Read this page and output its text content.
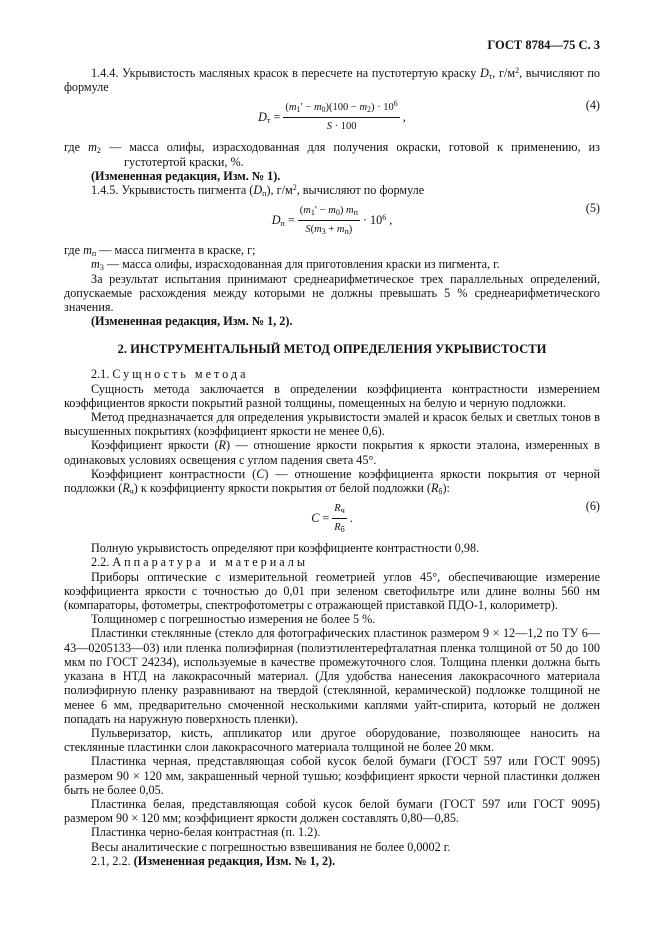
ГОСТ 8784—75 С. 3

1.4.4. Укрывистость масляных красок в пересчете на пустотертую краску $D_т$, $г/м^2$, вычисляют по формуле

$D_т = \frac{(m_1' - m_0)(100 - m_2) \cdot 10^6}{S \cdot 100}$ ,
(4)

где $m_2$ — масса олифы, израсходованная для получения окраски, готовой к применению, из густотертой краски, %.

(Измененная редакция, Изм. № 1).

1.4.5. Укрывистость пигмента $(D_п)$, $г/м^2$, вычисляют по формуле

$D_п = \frac{(m_1' - m_0) m_п}{S(m_3 + m_п)} \cdot 10^6$ ,
(5)

где $m_п$ — масса пигмента в краске, г;

$m_3$ — масса олифы, израсходованная для приготовления краски из пигмента, г.

За результат испытания принимают среднеарифметическое трех параллельных определений, допускаемые расхождения между которыми не должны превышать 5 % среднеарифметического значения.

(Измененная редакция, Изм. № 1, 2).

2. ИНСТРУМЕНТАЛЬНЫЙ МЕТОД ОПРЕДЕЛЕНИЯ УКРЫВИСТОСТИ

2.1. Сущность метода

Сущность метода заключается в определении коэффициента контрастности измерением коэффициентов яркости покрытий разной толщины, помещенных на белую и черную подложки.

Метод предназначается для определения укрывистости эмалей и красок белых и светлых тонов в высушенных покрытиях (коэффициент яркости не менее 0,6).

Коэффициент яркости (R) — отношение яркости покрытия к яркости эталона, измеренных в одинаковых условиях освещения с углом падения света 45°.

Коэффициент контрастности (C) — отношение коэффициента яркости покрытия от черной подложки $(R_ч)$ к коэффициенту яркости покрытия от белой подложки $(R_б)$:

$C = \frac{R_ч}{R_б}$ .
(6)

Полную укрывистость определяют при коэффициенте контрастности 0,98.

2.2. Аппаратура и материалы

Приборы оптические с измерительной геометрией углов 45°, обеспечивающие измерение коэффициента яркости с точностью до 0,01 при зеленом светофильтре или длине волны 560 нм (компараторы, фотометры, спектрофотометры с отражающей приставкой ПДО-1, колориметр).

Толщиномер с погрешностью измерения не более 5 %.

Пластинки стеклянные (стекло для фотографических пластинок размером 9 × 12—1,2 по ТУ 6—43—0205133—03) или пленка полиэфирная (полиэтилентерефталатная пленка толщиной от 50 до 100 мкм по ГОСТ 24234), используемые в качестве промежуточного слоя. Толщина пленки должна быть указана в НТД на лакокрасочный материал. (Для удобства нанесения лакокрасочного материала полиэфирную пленку разравнивают на твердой (стеклянной, керамической) подложке толщиной не менее 6 мм, предварительно смоченной несколькими каплями уайт-спирита, который не должен попадать на наружную поверхность пленки).

Пульверизатор, кисть, аппликатор или другое оборудование, позволяющее наносить на стеклянные пластинки слои лакокрасочного материала толщиной не более 20 мкм.

Пластинка черная, представляющая собой кусок белой бумаги (ГОСТ 597 или ГОСТ 9095) размером 90 × 120 мм, закрашенный черной тушью; коэффициент яркости черной пластинки должен быть не более 0,05.

Пластинка белая, представляющая собой кусок белой бумаги (ГОСТ 597 или ГОСТ 9095) размером 90 × 120 мм; коэффициент яркости должен составлять 0,80—0,85.

Пластинка черно-белая контрастная (п. 1.2).

Весы аналитические с погрешностью взвешивания не более 0,0002 г.

2.1, 2.2. (Измененная редакция, Изм. № 1, 2).
